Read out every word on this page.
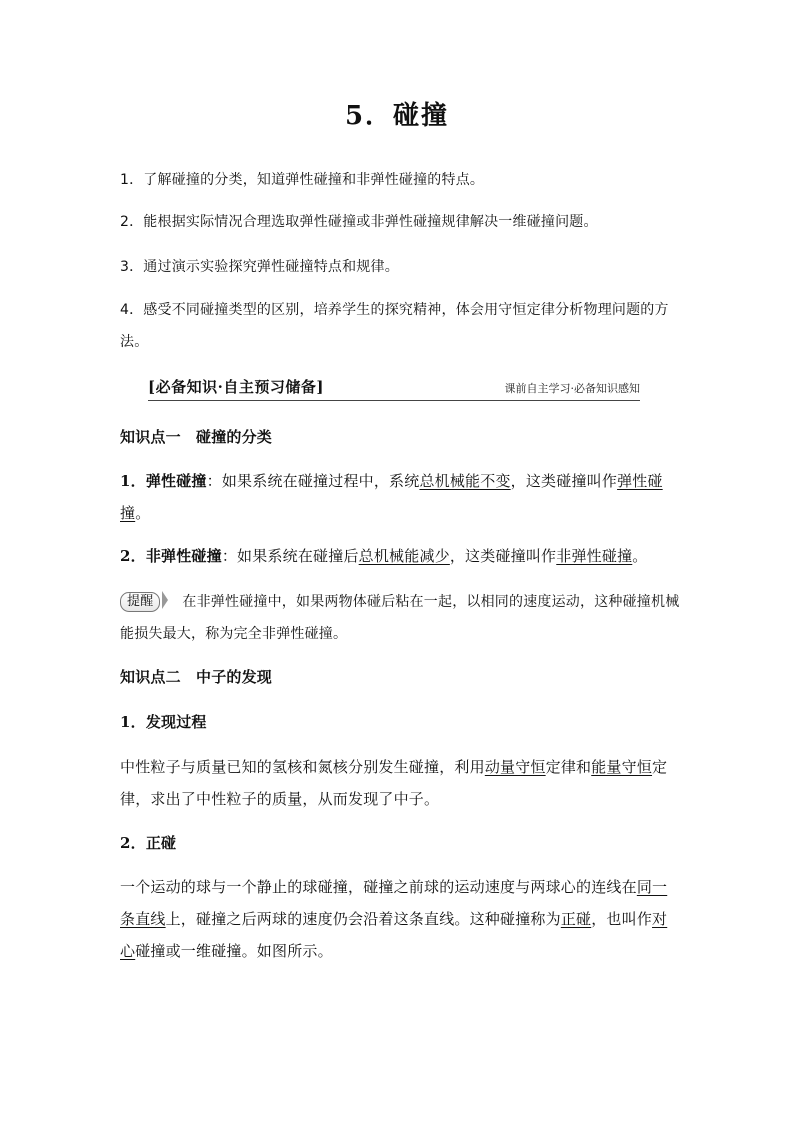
5．碰撞
1．了解碰撞的分类，知道弹性碰撞和非弹性碰撞的特点。
2．能根据实际情况合理选取弹性碰撞或非弹性碰撞规律解决一维碰撞问题。
3．通过演示实验探究弹性碰撞特点和规律。
4．感受不同碰撞类型的区别，培养学生的探究精神，体会用守恒定律分析物理问题的方法。
[必备知识·自主预习储备]	课前自主学习·必备知识感知
知识点一　碰撞的分类
1．弹性碰撞：如果系统在碰撞过程中，系统总机械能不变，这类碰撞叫作弹性碰撞。
2．非弹性碰撞：如果系统在碰撞后总机械能减少，这类碰撞叫作非弹性碰撞。
提醒 在非弹性碰撞中，如果两物体碰后粘在一起，以相同的速度运动，这种碰撞机械能损失最大，称为完全非弹性碰撞。
知识点二　中子的发现
1．发现过程
中性粒子与质量已知的氢核和氮核分别发生碰撞，利用动量守恒定律和能量守恒定律，求出了中性粒子的质量，从而发现了中子。
2．正碰
一个运动的球与一个静止的球碰撞，碰撞之前球的运动速度与两球心的连线在同一条直线上，碰撞之后两球的速度仍会沿着这条直线。这种碰撞称为正碰，也叫作对心碰撞或一维碰撞。如图所示。
